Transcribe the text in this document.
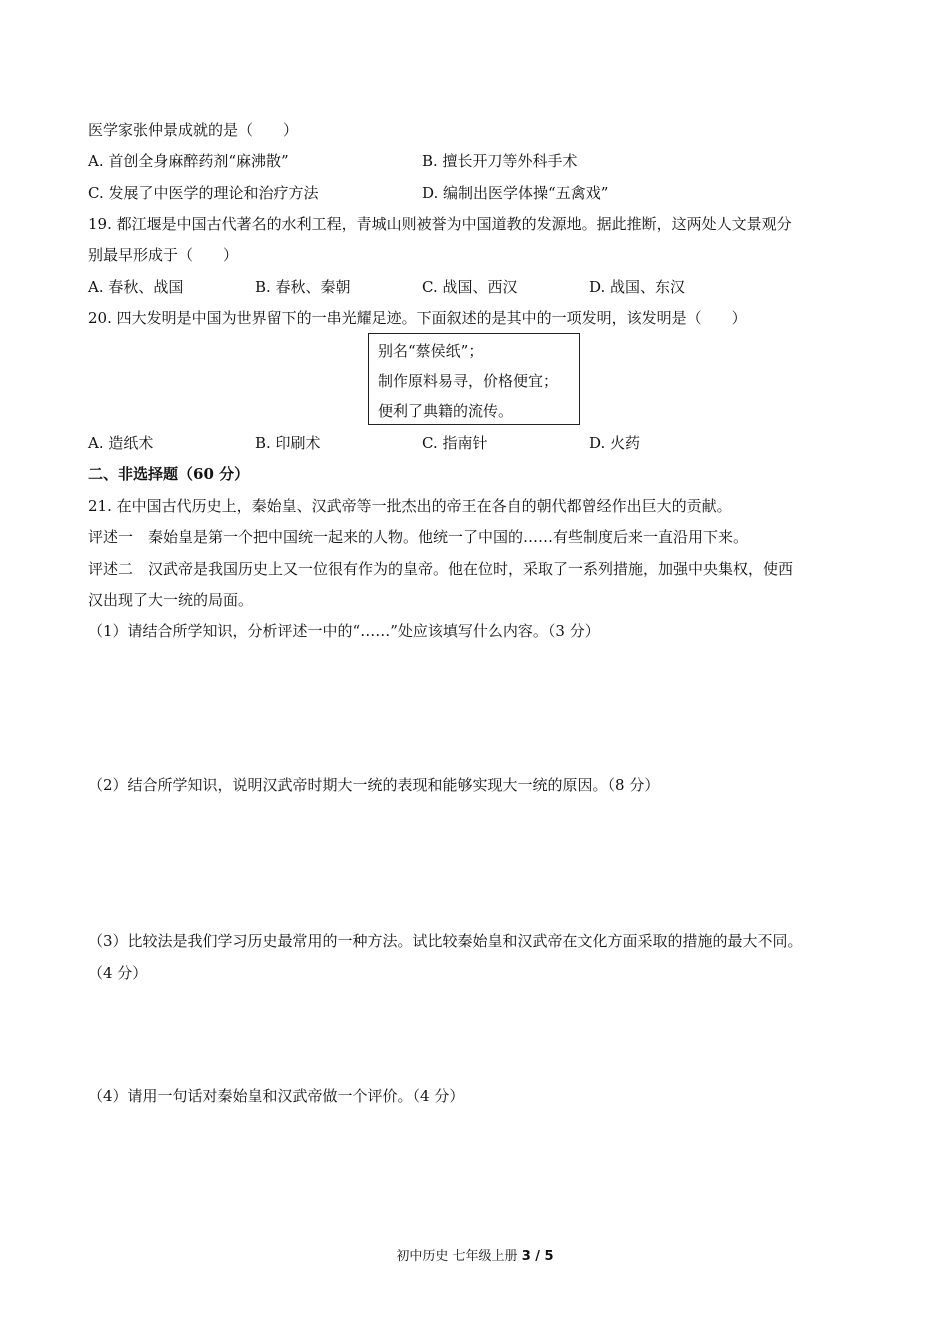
医学家张仲景成就的是（　　）
A. 首创全身麻醉药剂“麻沸散”	B. 擅长开刀等外科手术
C. 发展了中医学的理论和治疗方法	D. 编制出医学体操“五禽戏”
19. 都江堰是中国古代著名的水利工程，青城山则被誉为中国道教的发源地。据此推断，这两处人文景观分
别最早形成于（　　）
A. 春秋、战国	B. 春秋、秦朝	C. 战国、西汉	D. 战国、东汉
20. 四大发明是中国为世界留下的一串光耀足迹。下面叙述的是其中的一项发明，该发明是（　　）
别名“蔡侯纸”；
制作原料易寻，价格便宜；
便利了典籍的流传。
A. 造纸术	B. 印刷术	C. 指南针	D. 火药
二、非选择题（60 分）
21. 在中国古代历史上，秦始皇、汉武帝等一批杰出的帝王在各自的朝代都曾经作出巨大的贡献。
评述一　秦始皇是第一个把中国统一起来的人物。他统一了中国的……有些制度后来一直沿用下来。
评述二　汉武帝是我国历史上又一位很有作为的皇帝。他在位时，采取了一系列措施，加强中央集权，使西
汉出现了大一统的局面。
（1）请结合所学知识，分析评述一中的“……”处应该填写什么内容。（3 分）
（2）结合所学知识，说明汉武帝时期大一统的表现和能够实现大一统的原因。（8 分）
（3）比较法是我们学习历史最常用的一种方法。试比较秦始皇和汉武帝在文化方面采取的措施的最大不同。
（4 分）
（4）请用一句话对秦始皇和汉武帝做一个评价。（4 分）
初中历史 七年级上册 3 / 5
